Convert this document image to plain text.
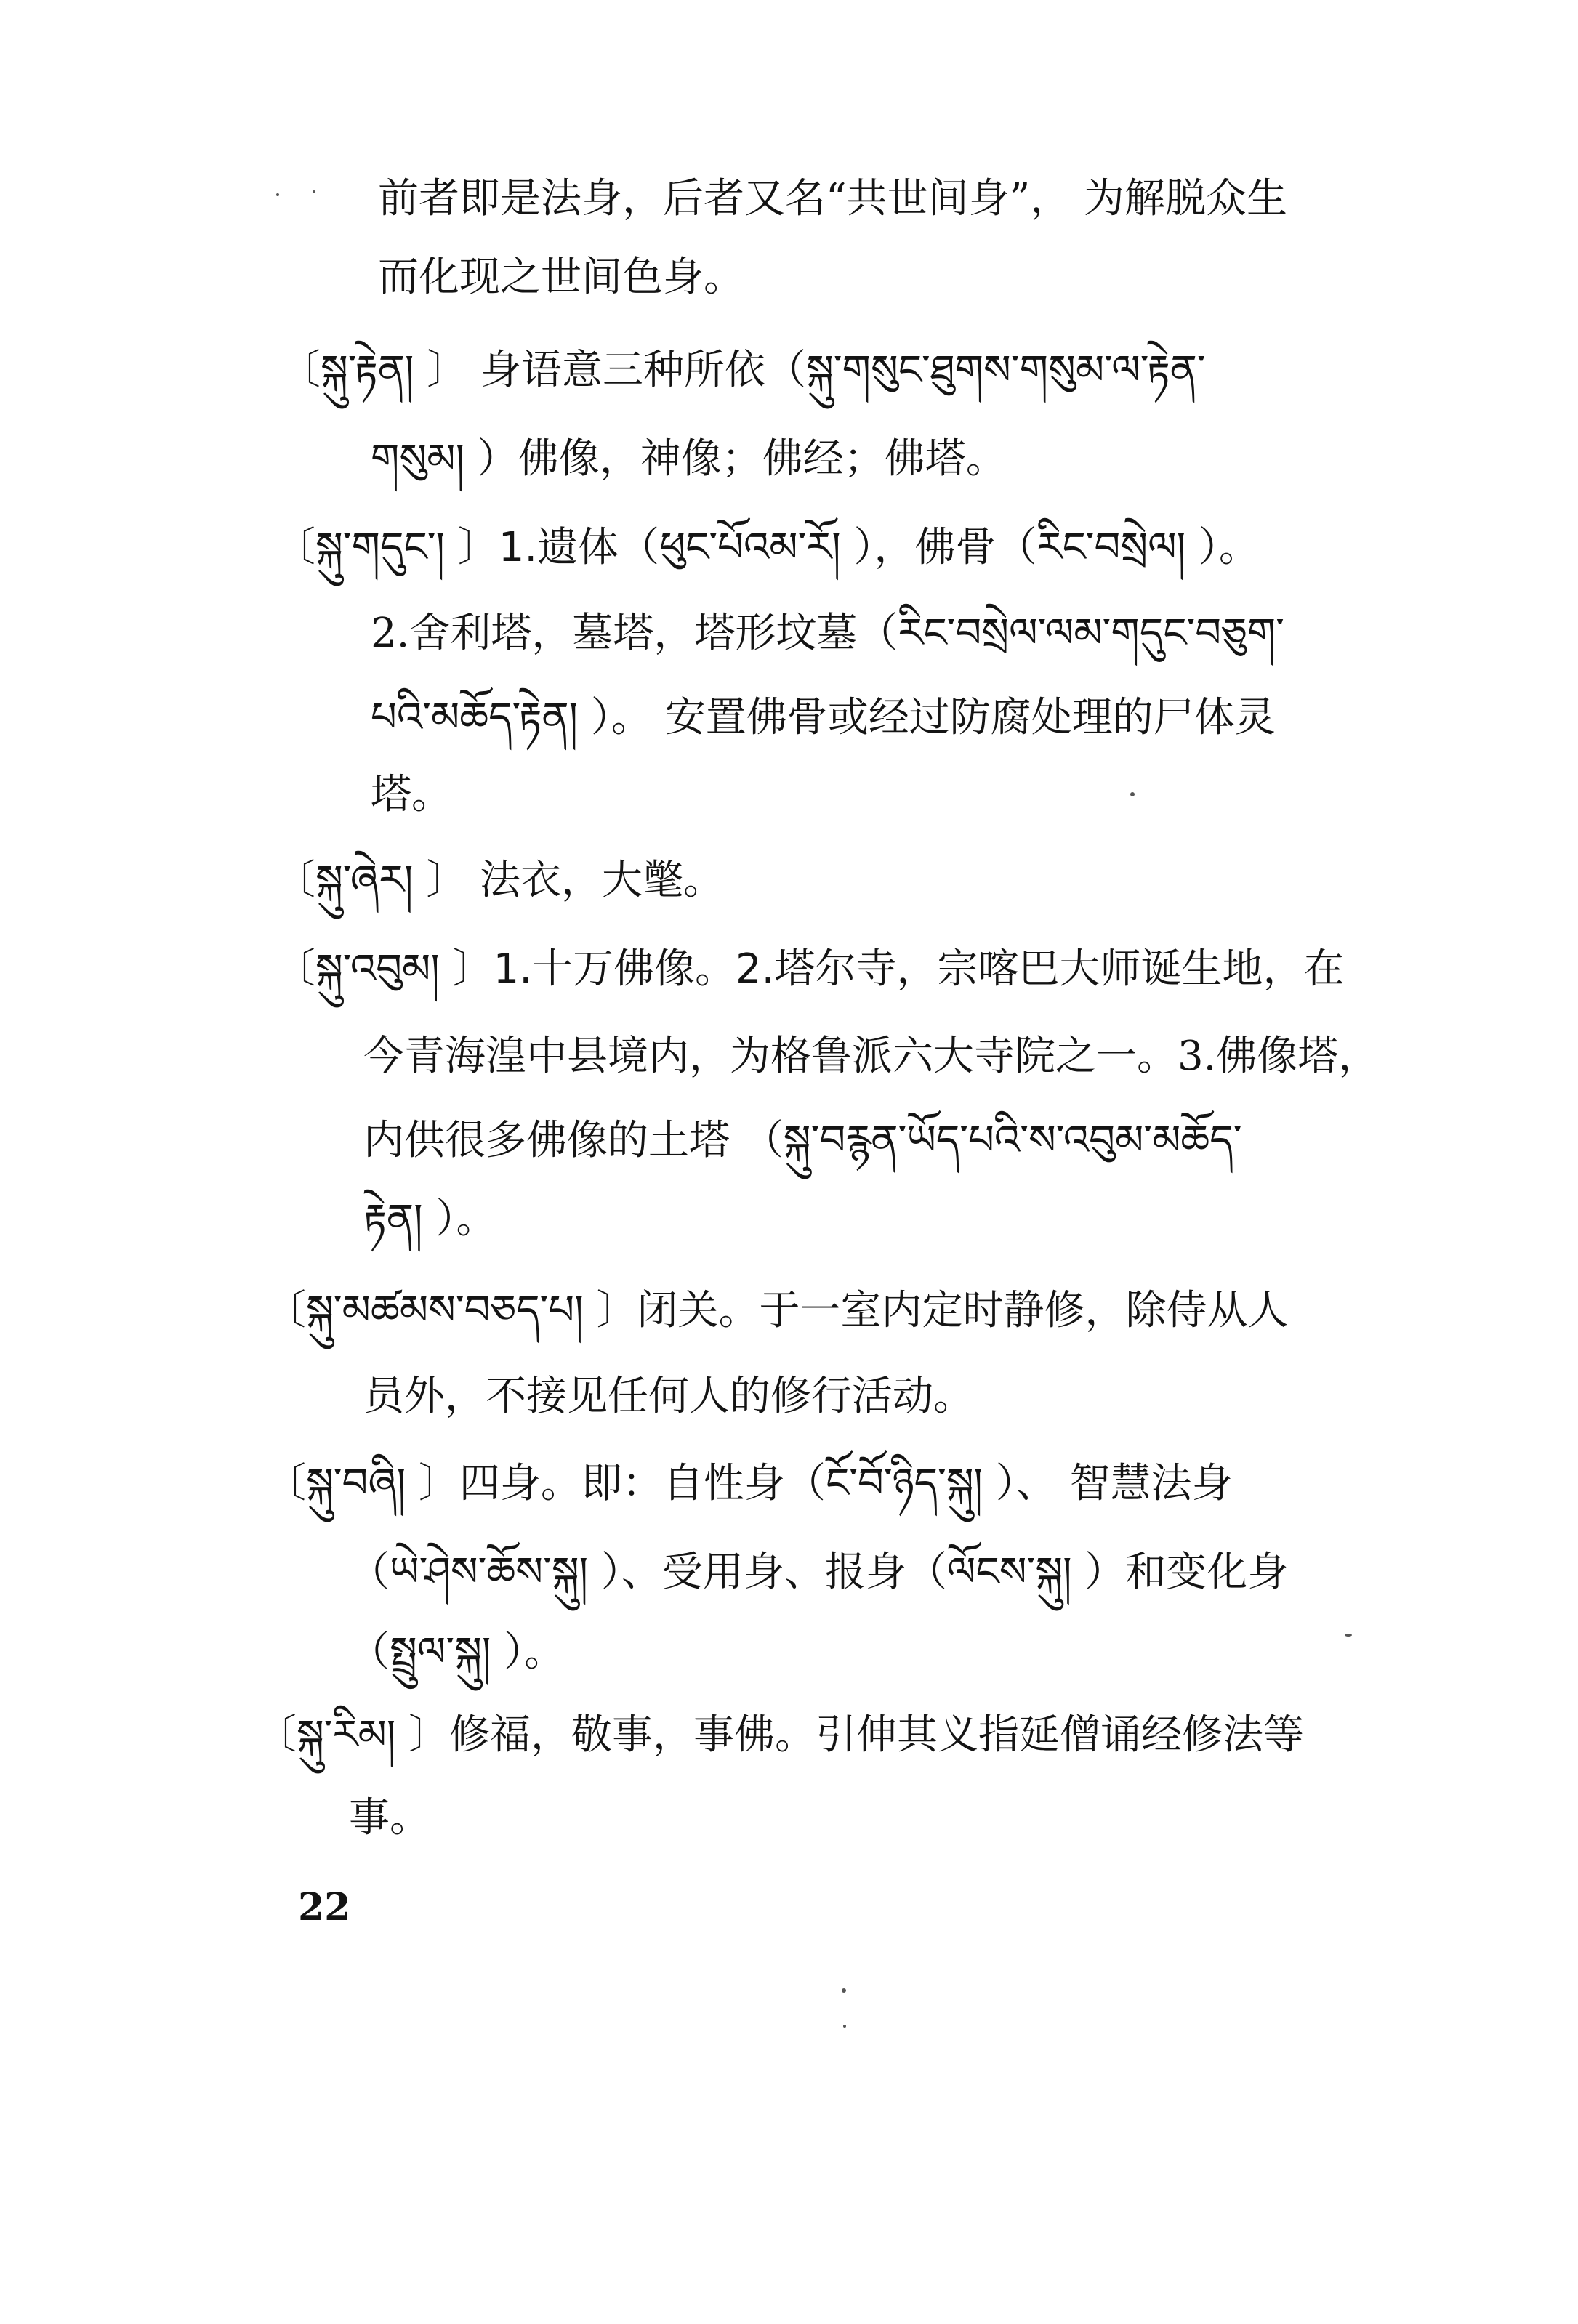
前者即是法身，后者又名“共世间身”， 为解脱众生
而化现之世间色身。
〔སྐུ་རྟེན། 〕 身语意三种所依（སྐུ་གསུང་ཐུགས་གསུམ་ལ་རྟེན་
གསུམ། ）佛像，神像；佛经；佛塔。
〔སྐུ་གདུང་། 〕1.遗体（ཕུང་པོའམ་རོ། ），佛骨（རིང་བསྲེལ། ）。
2.舍利塔，墓塔，塔形坟墓（རིང་བསྲེལ་ལམ་གདུང་བཅུག་
པའི་མཆོད་རྟེན། ）。 安置佛骨或经过防腐处理的尸体灵
塔。
〔སྐུ་ཞེར། 〕 法衣，大氅。
〔སྐུ་འབུམ། 〕1.十万佛像。2.塔尔寺，宗喀巴大师诞生地，在
今青海湟中县境内，为格鲁派六大寺院之一。3.佛像塔，
内供很多佛像的土塔 （སྐུ་བརྙན་ཡོད་པའི་ས་འབུམ་མཆོད་
རྟེན། ）。
〔སྐུ་མཚམས་བཅད་པ། 〕闭关。于一室内定时静修，除侍从人
员外，不接见任何人的修行活动。
〔སྐུ་བཞི། 〕四身。即：自性身（ངོ་བོ་ཉིད་སྐུ། ）、 智慧法身
（ཡེ་ཤེས་ཆོས་སྐུ། ）、受用身、报身（ལོངས་སྐུ། ）和变化身
（སྤྲུལ་སྐུ། ）。
〔སྐུ་རིམ། 〕修福，敬事，事佛。引伸其义指延僧诵经修法等
事。
22
